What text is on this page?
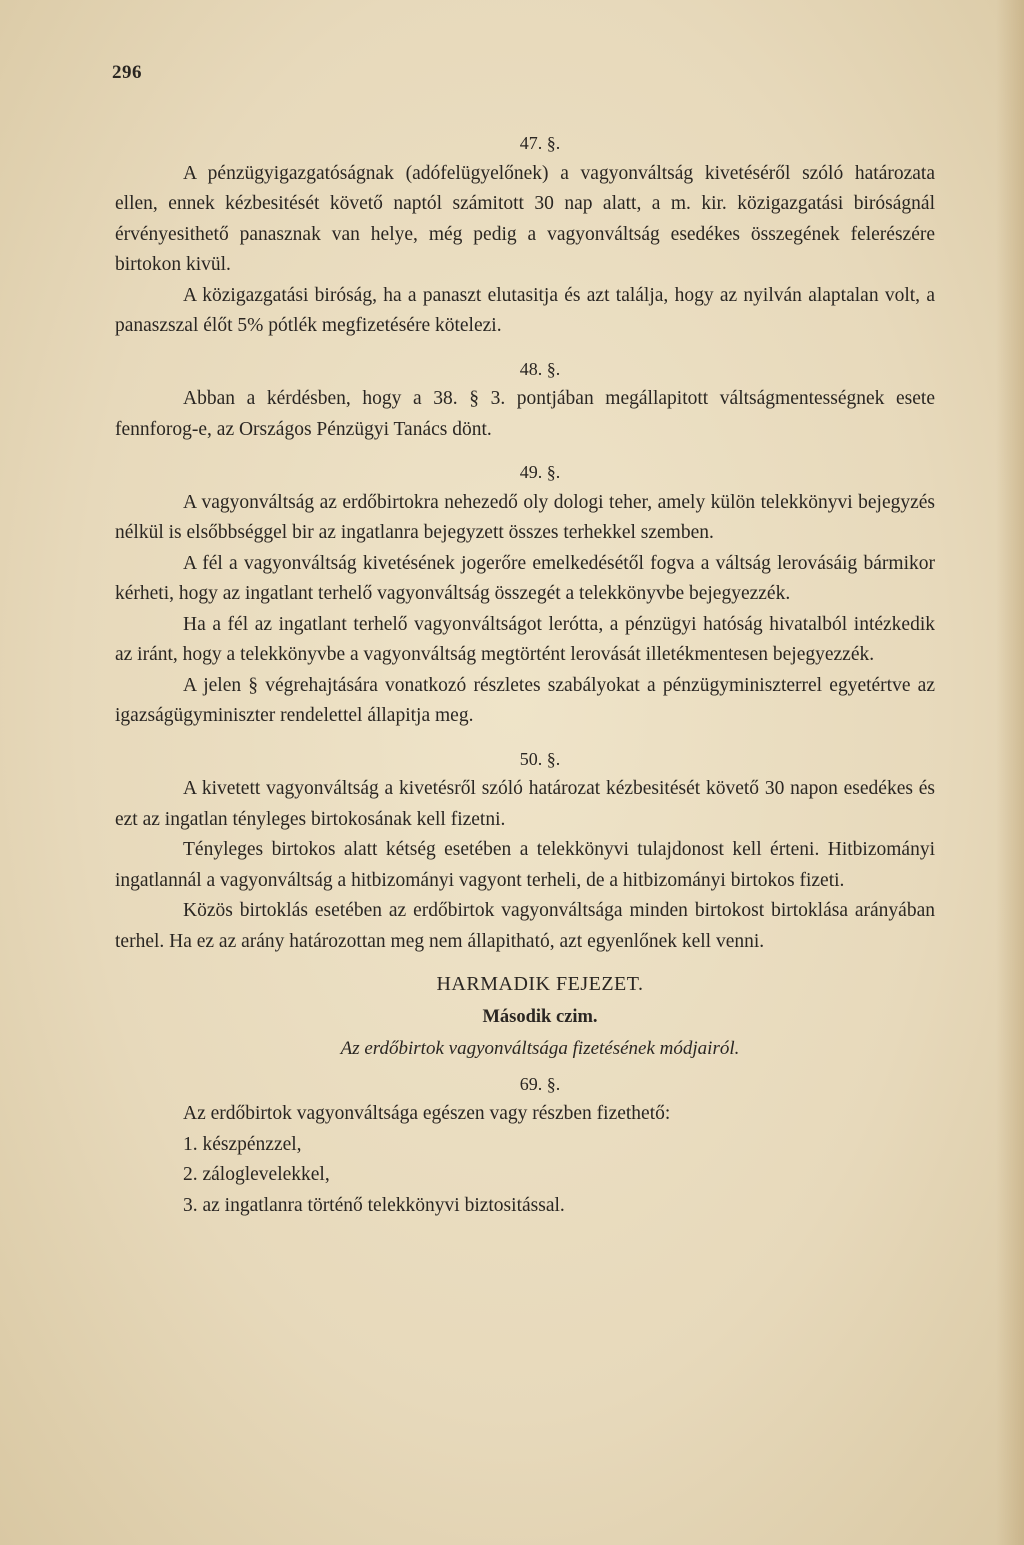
296

47. §.

A pénzügyigazgatóságnak (adófelügyelőnek) a vagyonváltság kivetéséről szóló határozata ellen, ennek kézbesitését követő naptól számitott 30 nap alatt, a m. kir. közigazgatási biróságnál érvényesithető panasznak van helye, még pedig a vagyonváltság esedékes összegének felerészére birtokon kivül.

A közigazgatási biróság, ha a panaszt elutasitja és azt találja, hogy az nyilván alaptalan volt, a panaszszal élőt 5% pótlék megfizetésére kötelezi.

48. §.

Abban a kérdésben, hogy a 38. § 3. pontjában megállapitott váltságmentességnek esete fennforog-e, az Országos Pénzügyi Tanács dönt.

49. §.

A vagyonváltság az erdőbirtokra nehezedő oly dologi teher, amely külön telekkönyvi bejegyzés nélkül is elsőbbséggel bir az ingatlanra bejegyzett összes terhekkel szemben.

A fél a vagyonváltság kivetésének jogerőre emelkedésétől fogva a váltság lerovásáig bármikor kérheti, hogy az ingatlant terhelő vagyonváltság összegét a telekkönyvbe bejegyezzék.

Ha a fél az ingatlant terhelő vagyonváltságot lerótta, a pénzügyi hatóság hivatalból intézkedik az iránt, hogy a telekkönyvbe a vagyonváltság megtörtént lerovását illetékmentesen bejegyezzék.

A jelen § végrehajtására vonatkozó részletes szabályokat a pénzügyminiszterrel egyetértve az igazságügyminiszter rendelettel állapitja meg.

50. §.

A kivetett vagyonváltság a kivetésről szóló határozat kézbesitését követő 30 napon esedékes és ezt az ingatlan tényleges birtokosának kell fizetni.

Tényleges birtokos alatt kétség esetében a telekkönyvi tulajdonost kell érteni. Hitbizományi ingatlannál a vagyonváltság a hitbizományi vagyont terheli, de a hitbizományi birtokos fizeti.

Közös birtoklás esetében az erdőbirtok vagyonváltsága minden birtokost birtoklása arányában terhel. Ha ez az arány határozottan meg nem állapitható, azt egyenlőnek kell venni.

HARMADIK FEJEZET.

Második czim.

Az erdőbirtok vagyonváltsága fizetésének módjairól.

69. §.

Az erdőbirtok vagyonváltsága egészen vagy részben fizethető:

1. készpénzzel,
2. záloglevelekkel,
3. az ingatlanra történő telekkönyvi biztositással.
